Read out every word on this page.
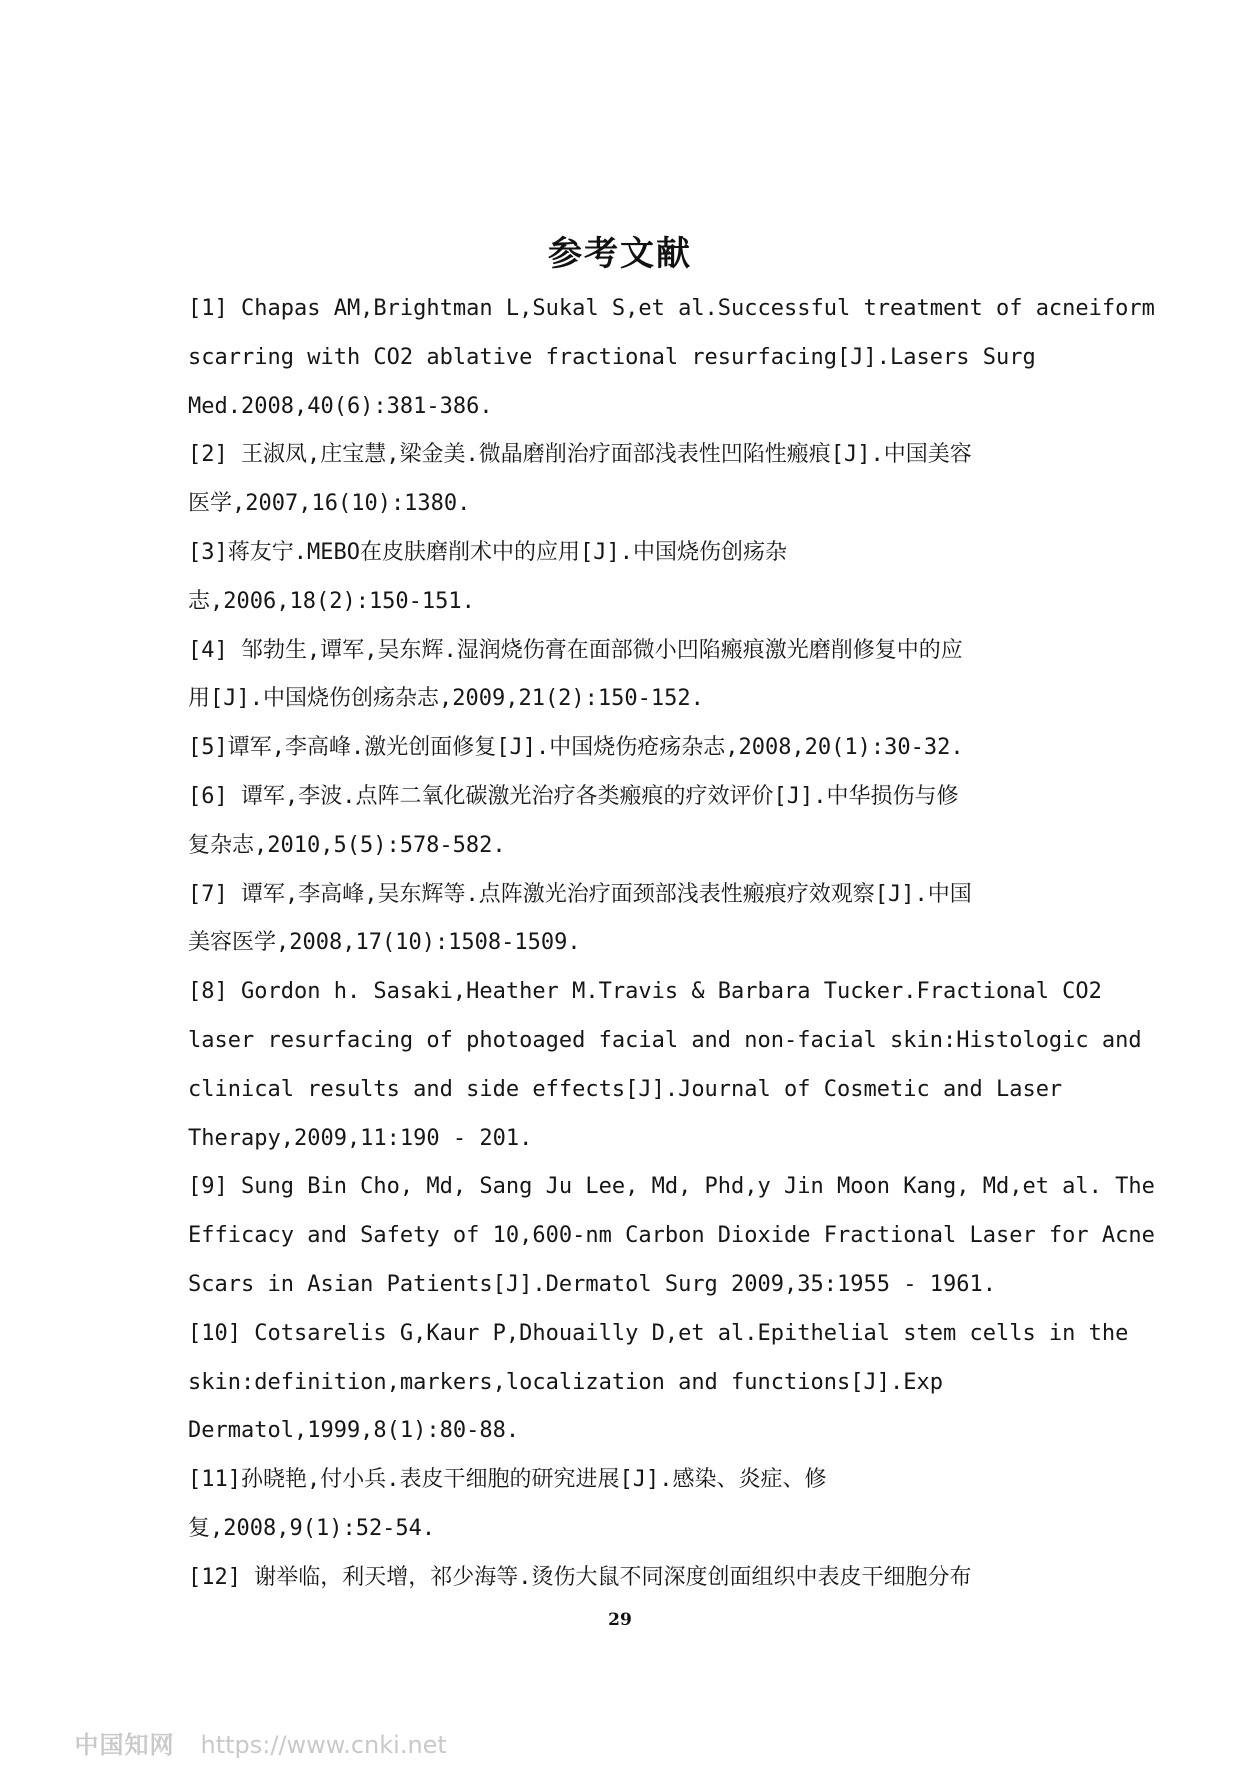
参考文献
[1] Chapas AM,Brightman L,Sukal S,et al.Successful treatment of acneiform
scarring with CO2 ablative fractional resurfacing[J].Lasers Surg
Med.2008,40(6):381-386.
[2] 王淑凤,庄宝慧,梁金美.微晶磨削治疗面部浅表性凹陷性瘢痕[J].中国美容
医学,2007,16(10):1380.
[3]蒋友宁.MEBO在皮肤磨削术中的应用[J].中国烧伤创疡杂
志,2006,18(2):150-151.
[4] 邹勃生,谭军,吴东辉.湿润烧伤膏在面部微小凹陷瘢痕激光磨削修复中的应
用[J].中国烧伤创疡杂志,2009,21(2):150-152.
[5]谭军,李高峰.激光创面修复[J].中国烧伤疮疡杂志,2008,20(1):30-32.
[6] 谭军,李波.点阵二氧化碳激光治疗各类瘢痕的疗效评价[J].中华损伤与修
复杂志,2010,5(5):578-582.
[7] 谭军,李高峰,吴东辉等.点阵激光治疗面颈部浅表性瘢痕疗效观察[J].中国
美容医学,2008,17(10):1508-1509.
[8] Gordon h. Sasaki,Heather M.Travis & Barbara Tucker.Fractional CO2
laser resurfacing of photoaged facial and non-facial skin:Histologic and
clinical results and side effects[J].Journal of Cosmetic and Laser
Therapy,2009,11:190 - 201.
[9] Sung Bin Cho, Md, Sang Ju Lee, Md, Phd,y Jin Moon Kang, Md,et al. The
Efficacy and Safety of 10,600-nm Carbon Dioxide Fractional Laser for Acne
Scars in Asian Patients[J].Dermatol Surg 2009,35:1955 - 1961.
[10] Cotsarelis G,Kaur P,Dhouailly D,et al.Epithelial stem cells in the
skin:definition,markers,localization and functions[J].Exp
Dermatol,1999,8(1):80-88.
[11]孙晓艳,付小兵.表皮干细胞的研究进展[J].感染、炎症、修
复,2008,9(1):52-54.
[12] 谢举临，利天增，祁少海等.烫伤大鼠不同深度创面组织中表皮干细胞分布
29

中国知网 https://www.cnki.net
